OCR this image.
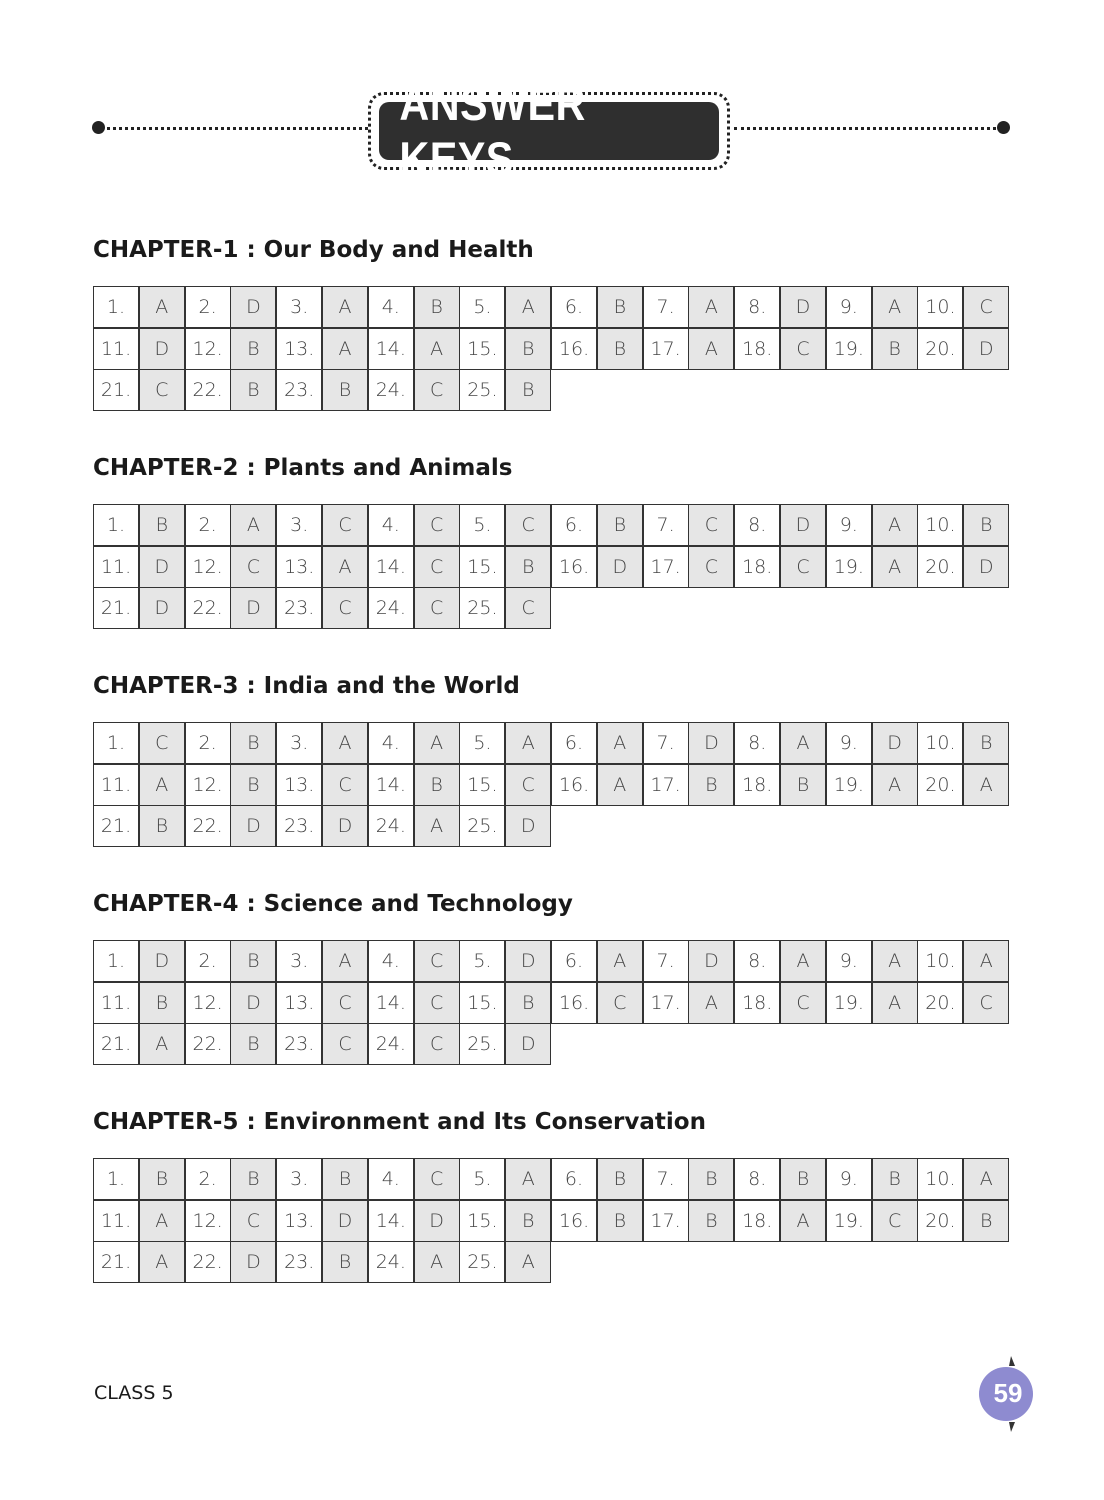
ANSWER KEYS
CHAPTER-1 : Our Body and Health
1.	A	2.	D	3.	A	4.	B	5.	A	6.	B	7.	A	8.	D	9.	A	10.	C
11.	D	12.	B	13.	A	14.	A	15.	B	16.	B	17.	A	18.	C	19.	B	20.	D
21.	C	22.	B	23.	B	24.	C	25.	B
CHAPTER-2 : Plants and Animals
1.	B	2.	A	3.	C	4.	C	5.	C	6.	B	7.	C	8.	D	9.	A	10.	B
11.	D	12.	C	13.	A	14.	C	15.	B	16.	D	17.	C	18.	C	19.	A	20.	D
21.	D	22.	D	23.	C	24.	C	25.	C
CHAPTER-3 : India and the World
1.	C	2.	B	3.	A	4.	A	5.	A	6.	A	7.	D	8.	A	9.	D	10.	B
11.	A	12.	B	13.	C	14.	B	15.	C	16.	A	17.	B	18.	B	19.	A	20.	A
21.	B	22.	D	23.	D	24.	A	25.	D
CHAPTER-4 : Science and Technology
1.	D	2.	B	3.	A	4.	C	5.	D	6.	A	7.	D	8.	A	9.	A	10.	A
11.	B	12.	D	13.	C	14.	C	15.	B	16.	C	17.	A	18.	C	19.	A	20.	C
21.	A	22.	B	23.	C	24.	C	25.	D
CHAPTER-5 : Environment and Its Conservation
1.	B	2.	B	3.	B	4.	C	5.	A	6.	B	7.	B	8.	B	9.	B	10.	A
11.	A	12.	C	13.	D	14.	D	15.	B	16.	B	17.	B	18.	A	19.	C	20.	B
21.	A	22.	D	23.	B	24.	A	25.	A
CLASS 5	59
